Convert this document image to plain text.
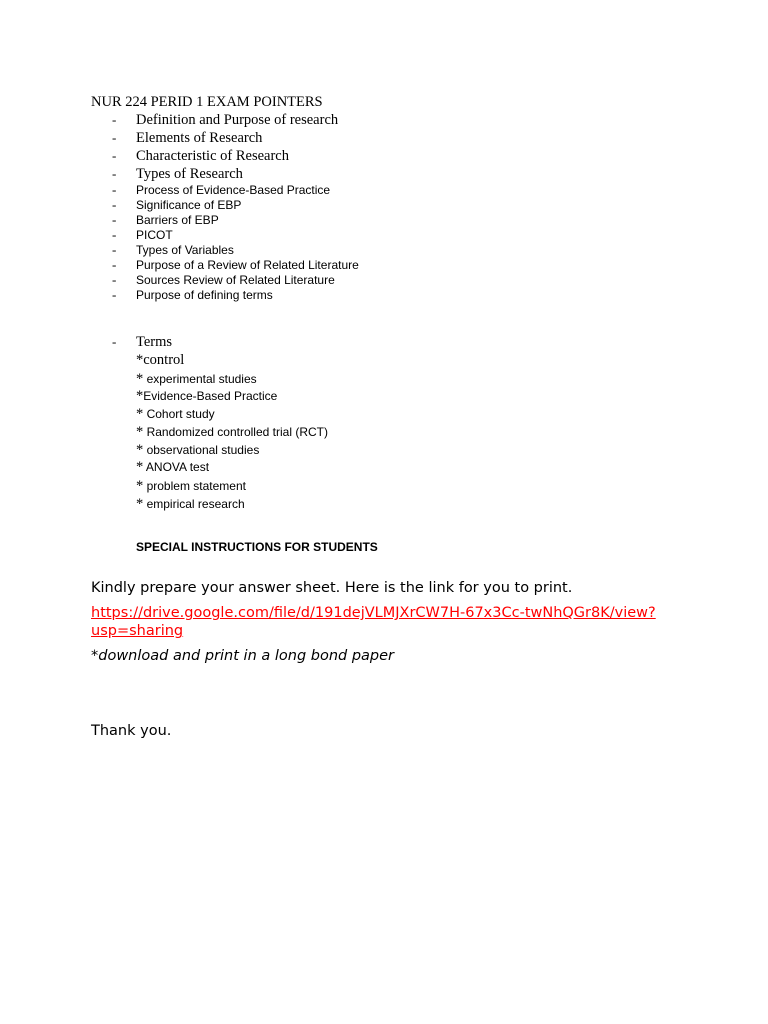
NUR 224 PERID 1 EXAM POINTERS
- Definition and Purpose of research
- Elements of Research
- Characteristic of Research
- Types of Research
- Process of Evidence-Based Practice
- Significance of EBP
- Barriers of EBP
- PICOT
- Types of Variables
- Purpose of a Review of Related Literature
- Sources Review of Related Literature
- Purpose of defining terms
- Terms
*control
* experimental studies
*Evidence-Based Practice
* Cohort study
* Randomized controlled trial (RCT)
* observational studies
* ANOVA test
* problem statement
* empirical research
SPECIAL INSTRUCTIONS FOR STUDENTS
Kindly prepare your answer sheet. Here is the link for you to print.
https://drive.google.com/file/d/191dejVLMJXrCW7H-67x3Cc-twNhQGr8K/view?
usp=sharing
*download and print in a long bond paper
Thank you.
